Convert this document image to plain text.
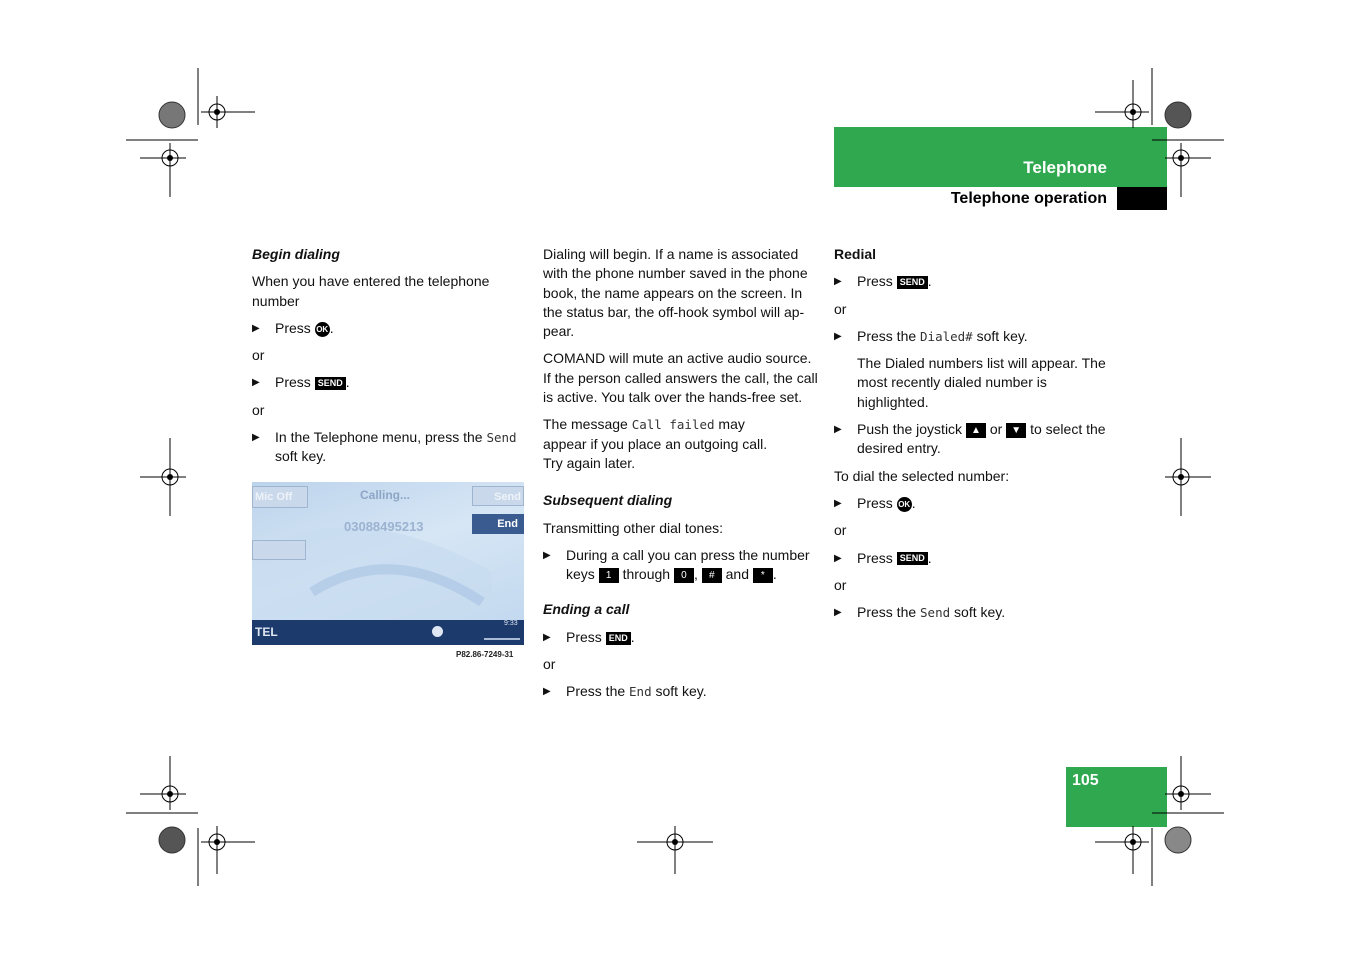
Telephone
Telephone operation
105

Begin dialing

When you have entered the telephone number

▶ Press OK .

or

▶ Press SEND .

or

▶ In the Telephone menu, press the Send soft key.

Mic Off	Calling...	Send
03088495213	End
TEL
9:33
P82.86-7249-31

Dialing will begin. If a name is associated with the phone number saved in the phone book, the name appears on the screen. In the status bar, the off-hook symbol will ap-pear.

COMAND will mute an active audio source. If the person called answers the call, the call is active. You talk over the hands-free set.

The message Call failed may
appear if you place an outgoing call.
Try again later.

Subsequent dialing

Transmitting other dial tones:

▶ During a call you can press the number keys 1 through 0 , # and * .

Ending a call

▶ Press END .

or

▶ Press the End soft key.

Redial

▶ Press SEND .

or

▶ Press the Dialed# soft key.

The Dialed numbers list will appear. The most recently dialed number is highlighted.

▶ Push the joystick ▲ or ▼ to select the desired entry.

To dial the selected number:

▶ Press OK .

or

▶ Press SEND .

or

▶ Press the Send soft key.
